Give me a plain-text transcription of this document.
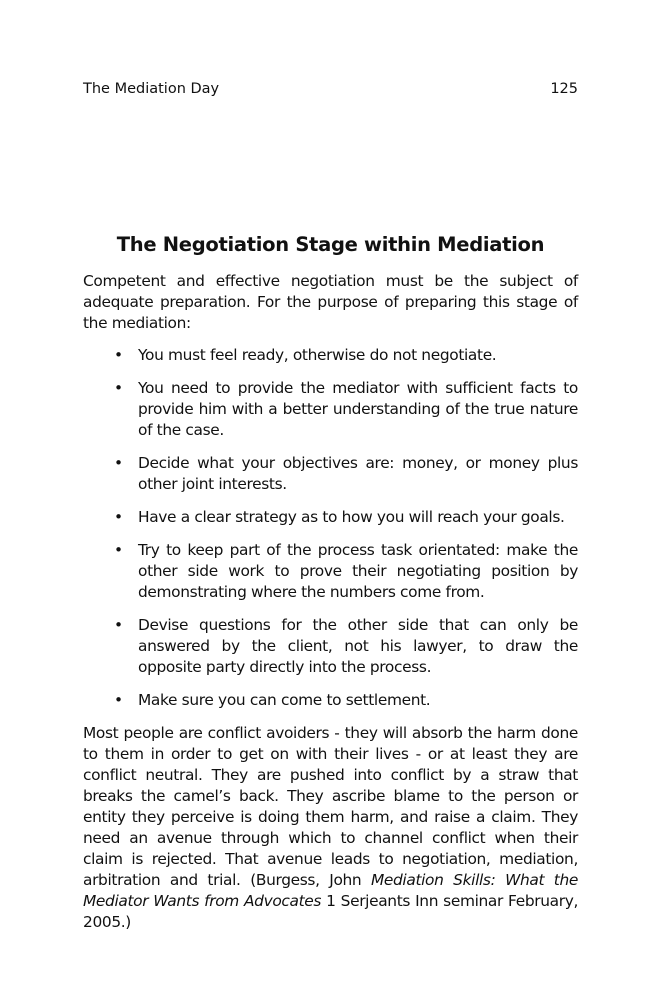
The Mediation Day	125
The Negotiation Stage within Mediation

Competent and effective negotiation must be the subject of adequate preparation. For the purpose of preparing this stage of the mediation:

• You must feel ready, otherwise do not negotiate.
• You need to provide the mediator with sufficient facts to provide him with a better understanding of the true nature of the case.
• Decide what your objectives are: money, or money plus other joint interests.
• Have a clear strategy as to how you will reach your goals.
• Try to keep part of the process task orientated: make the other side work to prove their negotiating position by demonstrating where the numbers come from.
• Devise questions for the other side that can only be answered by the client, not his lawyer, to draw the opposite party directly into the process.
• Make sure you can come to settlement.

Most people are conflict avoiders - they will absorb the harm done to them in order to get on with their lives - or at least they are conflict neutral. They are pushed into conflict by a straw that breaks the camel’s back. They ascribe blame to the person or entity they perceive is doing them harm, and raise a claim. They need an avenue through which to channel conflict when their claim is rejected. That avenue leads to negotiation, mediation, arbitration and trial. (Burgess, John Mediation Skills: What the Mediator Wants from Advocates 1 Serjeants Inn seminar February, 2005.)
